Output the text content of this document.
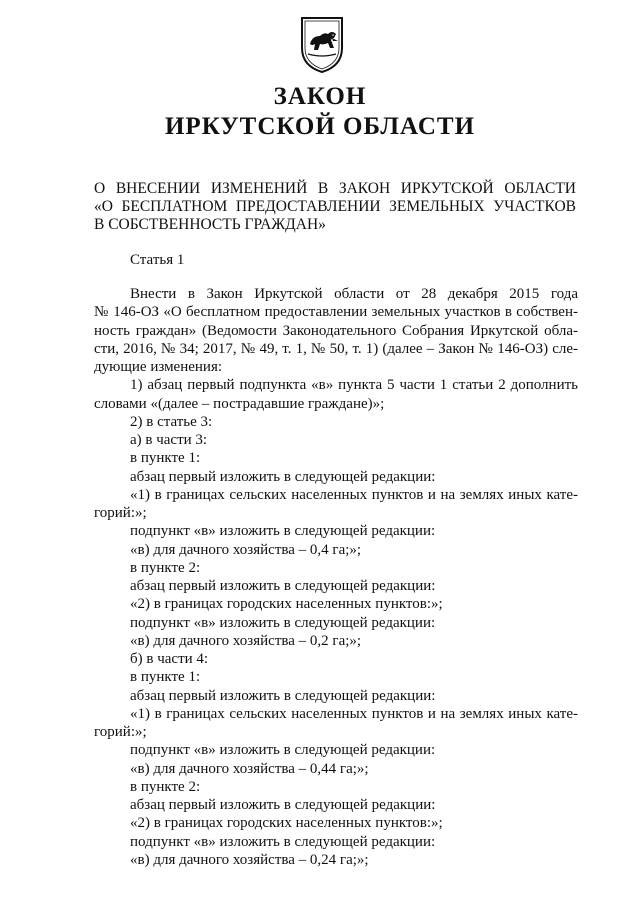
ЗАКОН
ИРКУТСКОЙ ОБЛАСТИ
О ВНЕСЕНИИ ИЗМЕНЕНИЙ В ЗАКОН ИРКУТСКОЙ ОБЛАСТИ
«О БЕСПЛАТНОМ ПРЕДОСТАВЛЕНИИ ЗЕМЕЛЬНЫХ УЧАСТКОВ
В СОБСТВЕННОСТЬ ГРАЖДАН»
Статья 1
Внести в Закон Иркутской области от 28 декабря 2015 года
№ 146-ОЗ «О бесплатном предоставлении земельных участков в собствен-
ность граждан» (Ведомости Законодательного Собрания Иркутской обла-
сти, 2016, № 34; 2017, № 49, т. 1, № 50, т. 1) (далее – Закон № 146-ОЗ) сле-
дующие изменения:
1) абзац первый подпункта «в» пункта 5 части 1 статьи 2 дополнить
словами «(далее – пострадавшие граждане)»;
2) в статье 3:
а) в части 3:
в пункте 1:
абзац первый изложить в следующей редакции:
«1) в границах сельских населенных пунктов и на землях иных кате-
горий:»;
подпункт «в» изложить в следующей редакции:
«в) для дачного хозяйства – 0,4 га;»;
в пункте 2:
абзац первый изложить в следующей редакции:
«2) в границах городских населенных пунктов:»;
подпункт «в» изложить в следующей редакции:
«в) для дачного хозяйства – 0,2 га;»;
б) в части 4:
в пункте 1:
абзац первый изложить в следующей редакции:
«1) в границах сельских населенных пунктов и на землях иных кате-
горий:»;
подпункт «в» изложить в следующей редакции:
«в) для дачного хозяйства – 0,44 га;»;
в пункте 2:
абзац первый изложить в следующей редакции:
«2) в границах городских населенных пунктов:»;
подпункт «в» изложить в следующей редакции:
«в) для дачного хозяйства – 0,24 га;»;
